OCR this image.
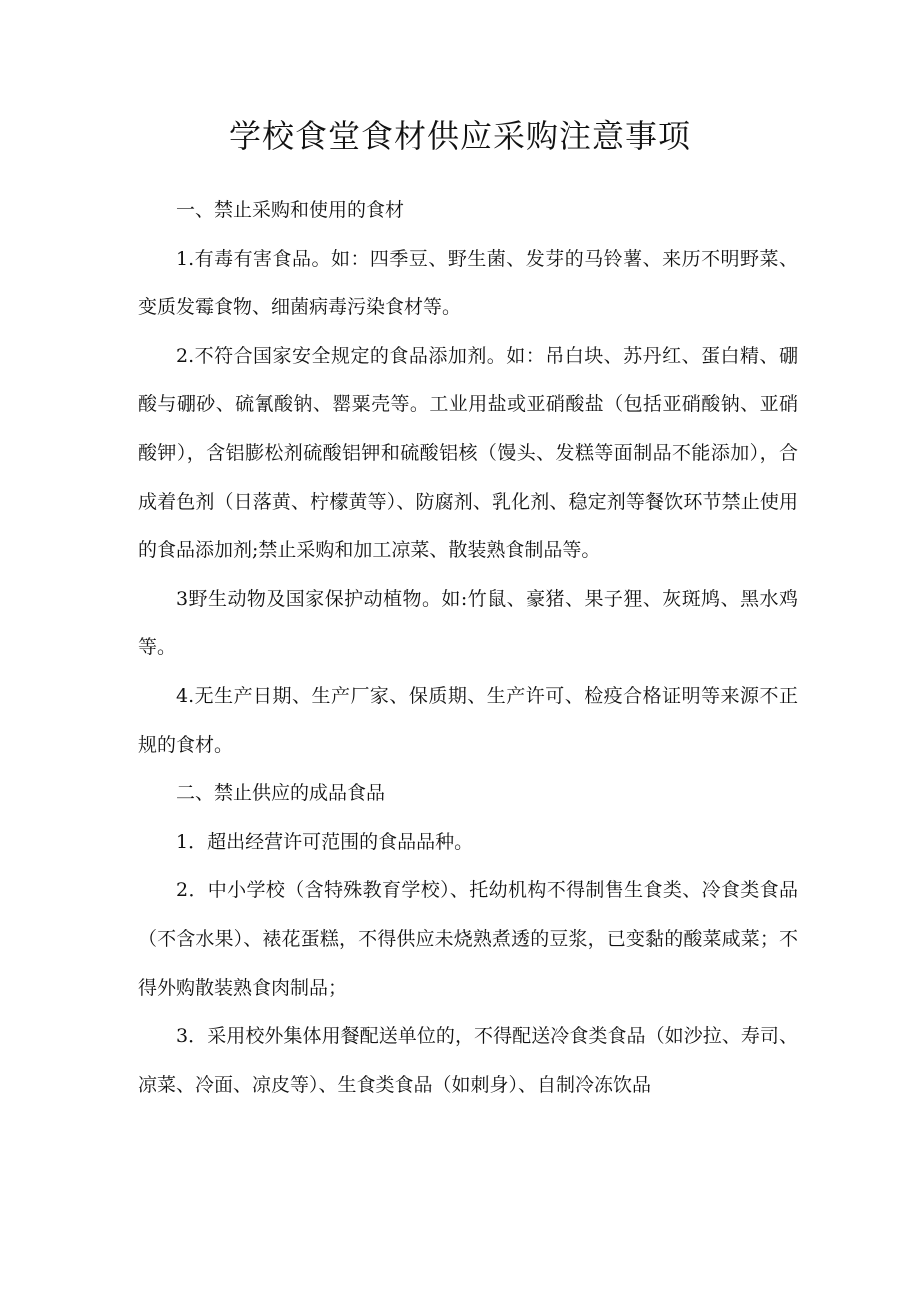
学校食堂食材供应采购注意事项

一、禁止采购和使用的食材

1.有毒有害食品。如：四季豆、野生菌、发芽的马铃薯、来历不明野菜、变质发霉食物、细菌病毒污染食材等。

2.不符合国家安全规定的食品添加剂。如：吊白块、苏丹红、蛋白精、硼酸与硼砂、硫氰酸钠、罂粟壳等。工业用盐或亚硝酸盐（包括亚硝酸钠、亚硝酸钾），含铝膨松剂硫酸铝钾和硫酸铝核（馒头、发糕等面制品不能添加），合成着色剂（日落黄、柠檬黄等）、防腐剂、乳化剂、稳定剂等餐饮环节禁止使用的食品添加剂;禁止采购和加工凉菜、散装熟食制品等。

3野生动物及国家保护动植物。如:竹鼠、豪猪、果子狸、灰斑鸠、黑水鸡等。

4.无生产日期、生产厂家、保质期、生产许可、检疫合格证明等来源不正规的食材。

二、禁止供应的成品食品

1．超出经营许可范围的食品品种。

2．中小学校（含特殊教育学校）、托幼机构不得制售生食类、冷食类食品（不含水果）、裱花蛋糕，不得供应未烧熟煮透的豆浆，已变黏的酸菜咸菜；不得外购散装熟食肉制品；

3．采用校外集体用餐配送单位的，不得配送冷食类食品（如沙拉、寿司、凉菜、冷面、凉皮等）、生食类食品（如刺身）、自制冷冻饮品
